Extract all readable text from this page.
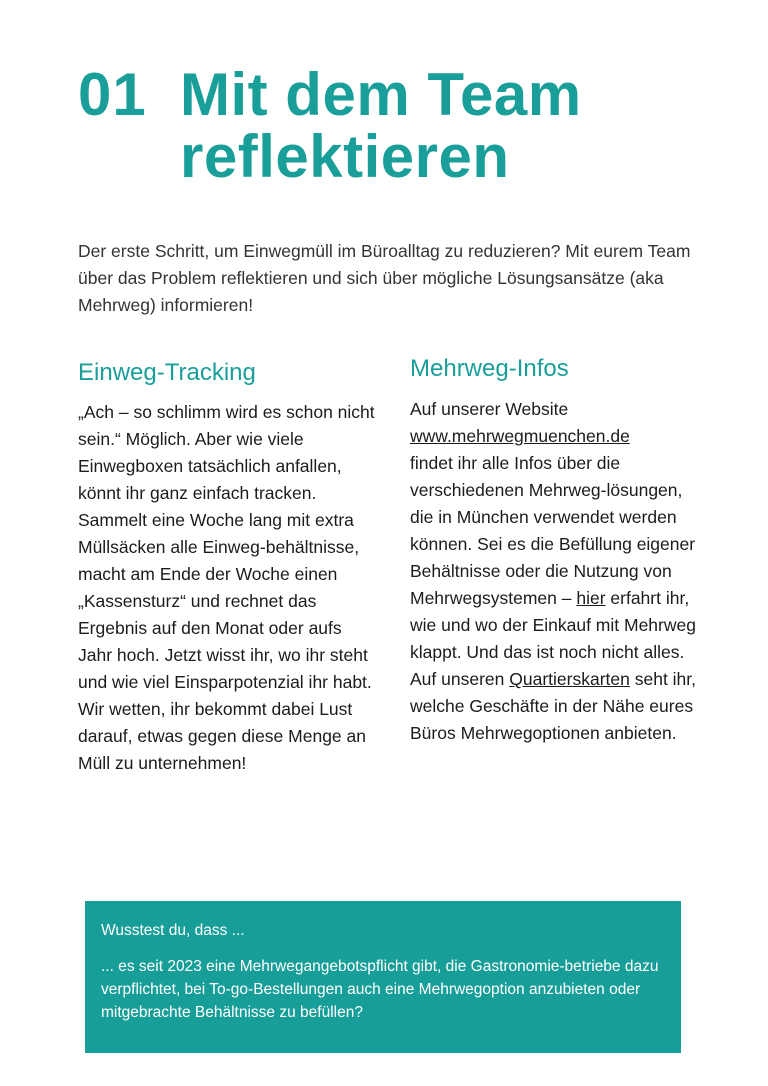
01 Mit dem Team reflektieren
Der erste Schritt, um Einwegmüll im Büroalltag zu reduzieren? Mit eurem Team über das Problem reflektieren und sich über mögliche Lösungsansätze (aka Mehrweg) informieren!
Einweg-Tracking
„Ach – so schlimm wird es schon nicht sein.“ Möglich. Aber wie viele Einwegboxen tatsächlich anfallen, könnt ihr ganz einfach tracken. Sammelt eine Woche lang mit extra Müllsäcken alle Einweg-behältnisse, macht am Ende der Woche einen „Kassensturz“ und rechnet das Ergebnis auf den Monat oder aufs Jahr hoch. Jetzt wisst ihr, wo ihr steht und wie viel Einsparpotenzial ihr habt. Wir wetten, ihr bekommt dabei Lust darauf, etwas gegen diese Menge an Müll zu unternehmen!
Mehrweg-Infos
Auf unserer Website
www.mehrwegmuenchen.de
findet ihr alle Infos über die verschiedenen Mehrweg-lösungen, die in München verwendet werden können. Sei es die Befüllung eigener Behältnisse oder die Nutzung von Mehrwegsystemen – hier erfahrt ihr, wie und wo der Einkauf mit Mehrweg klappt. Und das ist noch nicht alles. Auf unseren Quartierskarten seht ihr, welche Geschäfte in der Nähe eures Büros Mehrwegoptionen anbieten.
Wusstest du, dass ...
... es seit 2023 eine Mehrwegangebotspflicht gibt, die Gastronomie-betriebe dazu verpflichtet, bei To-go-Bestellungen auch eine Mehrwegoption anzubieten oder mitgebrachte Behältnisse zu befüllen?
